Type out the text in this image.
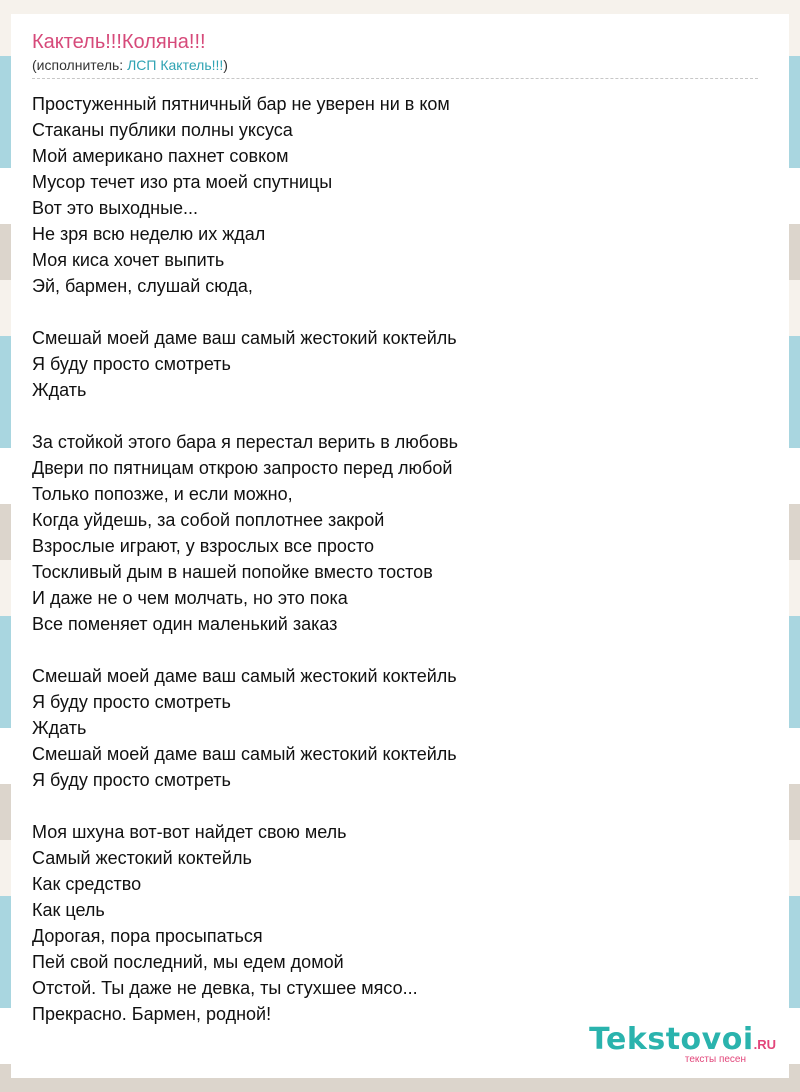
Кактель!!!Коляна!!!
(исполнитель: ЛСП Кактель!!!)
Простуженный пятничный бар не уверен ни в ком
Стаканы публики полны уксуса
Мой американо пахнет совком
Мусор течет изо рта моей спутницы
Вот это выходные...
Не зря всю неделю их ждал
Моя киса хочет выпить
Эй, бармен, слушай сюда,
Смешай моей даме ваш самый жестокий коктейль
Я буду просто смотреть
Ждать
За стойкой этого бара я перестал верить в любовь
Двери по пятницам открою запросто перед любой
Только попозже, и если можно,
Когда уйдешь, за собой поплотнее закрой
Взрослые играют, у взрослых все просто
Тоскливый дым в нашей попойке вместо тостов
И даже не о чем молчать, но это пока
Все поменяет один маленький заказ
Смешай моей даме ваш самый жестокий коктейль
Я буду просто смотреть
Ждать
Смешай моей даме ваш самый жестокий коктейль
Я буду просто смотреть
Моя шхуна вот-вот найдет свою мель
Самый жестокий коктейль
Как средство
Как цель
Дорогая, пора просыпаться
Пей свой последний, мы едем домой
Отстой. Ты даже не девка, ты стухшее мясо...
Прекрасно. Бармен, родной!
Tekstovoi.RU
тексты песен
